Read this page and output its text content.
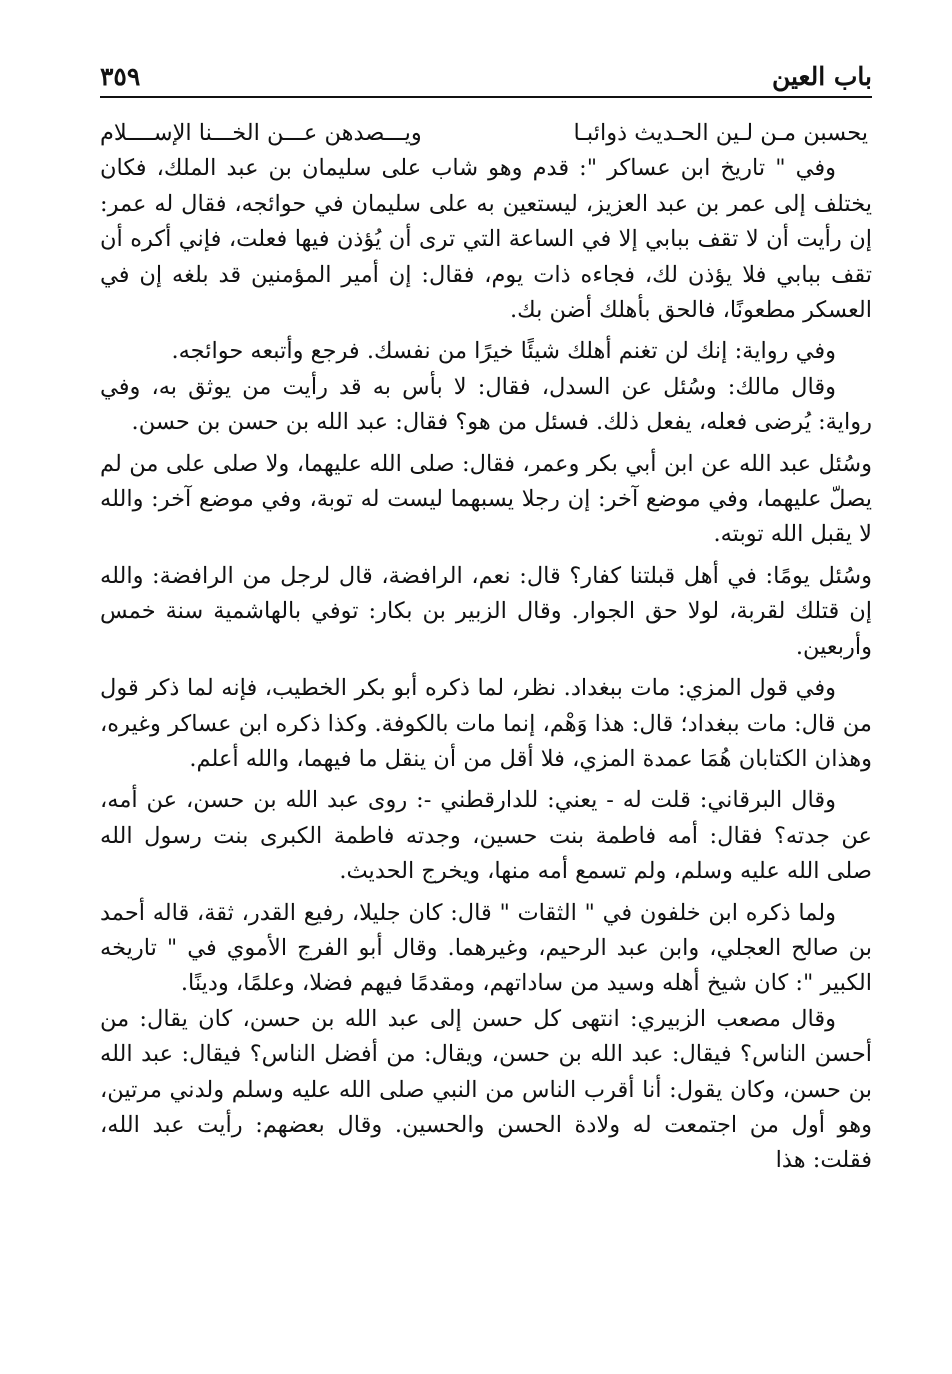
باب العين
٣٥٩
يحسبن مـن لـين الحـديث ذوائبـا
ويـــصدهن عـــن الخـــنا الإســــلام

وفي " تاريخ ابن عساكر ": قدم وهو شاب على سليمان بن عبد الملك، فكان يختلف إلى عمر بن عبد العزيز، ليستعين به على سليمان في حوائجه، فقال له عمر: إن رأيت أن لا تقف ببابي إلا في الساعة التي ترى أن يُؤذن فيها فعلت، فإني أكره أن تقف ببابي فلا يؤذن لك، فجاءه ذات يوم، فقال: إن أمير المؤمنين قد بلغه إن في العسكر مطعونًا، فالحق بأهلك أضن بك.

وفي رواية: إنك لن تغنم أهلك شيئًا خيرًا من نفسك. فرجع وأتبعه حوائجه.

وقال مالك: وسُئل عن السدل، فقال: لا بأس به قد رأيت من يوثق به، وفي رواية: يُرضى فعله، يفعل ذلك. فسئل من هو؟ فقال: عبد الله بن حسن بن حسن.

وسُئل عبد الله عن ابن أبي بكر وعمر، فقال: صلى الله عليهما، ولا صلى على من لم يصلّ عليهما، وفي موضع آخر: إن رجلا يسبهما ليست له توبة، وفي موضع آخر: والله لا يقبل الله توبته.

وسُئل يومًا: في أهل قبلتنا كفار؟ قال: نعم، الرافضة، قال لرجل من الرافضة: والله إن قتلك لقربة، لولا حق الجوار. وقال الزبير بن بكار: توفي بالهاشمية سنة خمس وأربعين.

وفي قول المزي: مات ببغداد. نظر، لما ذكره أبو بكر الخطيب، فإنه لما ذكر قول من قال: مات ببغداد؛ قال: هذا وَهْم، إنما مات بالكوفة. وكذا ذكره ابن عساكر وغيره، وهذان الكتابان هُمَا عمدة المزي، فلا أقل من أن ينقل ما فيهما، والله أعلم.

وقال البرقاني: قلت له - يعني: للدارقطني -: روى عبد الله بن حسن، عن أمه، عن جدته؟ فقال: أمه فاطمة بنت حسين، وجدته فاطمة الكبرى بنت رسول الله صلى الله عليه وسلم، ولم تسمع أمه منها، ويخرج الحديث.

ولما ذكره ابن خلفون في " الثقات " قال: كان جليلا، رفيع القدر، ثقة، قاله أحمد بن صالح العجلي، وابن عبد الرحيم، وغيرهما. وقال أبو الفرج الأموي في " تاريخه الكبير ": كان شيخ أهله وسيد من ساداتهم، ومقدمًا فيهم فضلا، وعلمًا، ودينًا.

وقال مصعب الزبيري: انتهى كل حسن إلى عبد الله بن حسن، كان يقال: من أحسن الناس؟ فيقال: عبد الله بن حسن، ويقال: من أفضل الناس؟ فيقال: عبد الله بن حسن، وكان يقول: أنا أقرب الناس من النبي صلى الله عليه وسلم ولدني مرتين، وهو أول من اجتمعت له ولادة الحسن والحسين. وقال بعضهم: رأيت عبد الله، فقلت: هذا
